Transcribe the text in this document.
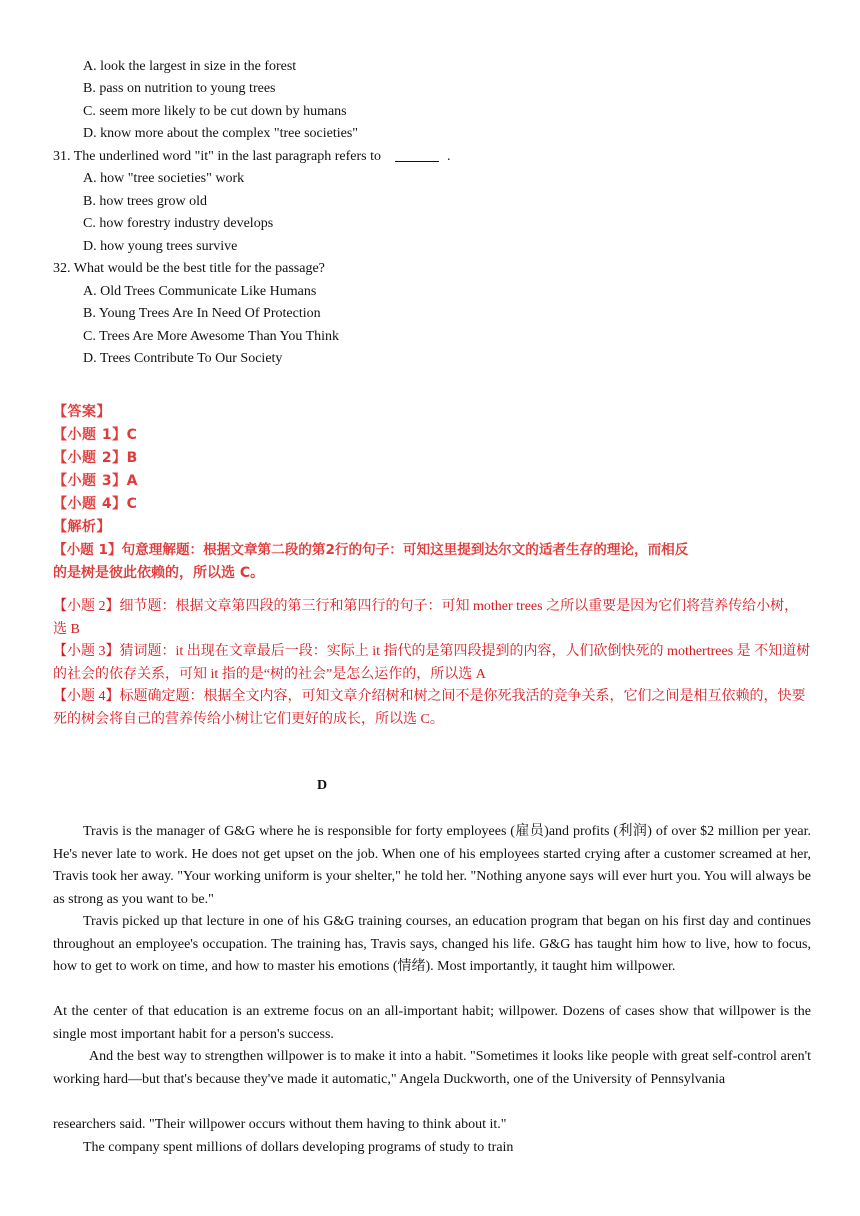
A. look the largest in size in the forest
B. pass on nutrition to young trees
C. seem more likely to be cut down by humans
D. know more about the complex "tree societies"
31. The underlined word "it" in the last paragraph refers to	.
A. how "tree societies" work
B. how trees grow old
C. how forestry industry develops
D. how young trees survive
32. What would be the best title for the passage?
A. Old Trees Communicate Like Humans
B. Young Trees Are In Need Of Protection
C. Trees Are More Awesome Than You Think
D. Trees Contribute To Our Society
【答案】
【小题 1】C
【小题 2】B
【小题 3】A
【小题 4】C
【解析】
【小题 1】句意理解题：根据文章第二段的第2行的句子：可知这里提到达尔文的适者生存的理论，而相反
的是树是彼此依赖的，所以选 C。
【小题 2】细节题：根据文章第四段的第三行和第四行的句子：可知 mother trees 之所以重要是因为它们将营养传给小树，选 B
【小题 3】猜词题：it 出现在文章最后一段：实际上 it 指代的是第四段提到的内容，人们砍倒快死的 mothertrees 是 不知道树的社会的依存关系，可知 it 指的是“树的社会”是怎么运作的，所以选 A
【小题 4】标题确定题：根据全文内容，可知文章介绍树和树之间不是你死我活的竞争关系，它们之间是相互依赖的，快要死的树会将自己的营养传给小树让它们更好的成长，所以选 C。
D
Travis is the manager of G&G where he is responsible for forty employees (雇员)and profits (利润) of over $2 million per year. He's never late to work. He does not get upset on the job. When one of his employees started crying after a customer screamed at her, Travis took her away. "Your working uniform is your shelter," he told her. "Nothing anyone says will ever hurt you. You will always be as strong as you want to be."
Travis picked up that lecture in one of his G&G training courses, an education program that began on his first day and continues throughout an employee's occupation. The training has, Travis says, changed his life. G&G has taught him how to live, how to focus, how to get to work on time, and how to master his emotions (情绪). Most importantly, it taught him willpower.
At the center of that education is an extreme focus on an all-important habit; willpower. Dozens of cases show that willpower is the single most important habit for a person's success.
And the best way to strengthen willpower is to make it into a habit. "Sometimes it looks like people with great self-control aren't working hard—but that's because they've made it automatic," Angela Duckworth, one of the University of Pennsylvania
researchers said. "Their willpower occurs without them having to think about it."
The company spent millions of dollars developing programs of study to train
